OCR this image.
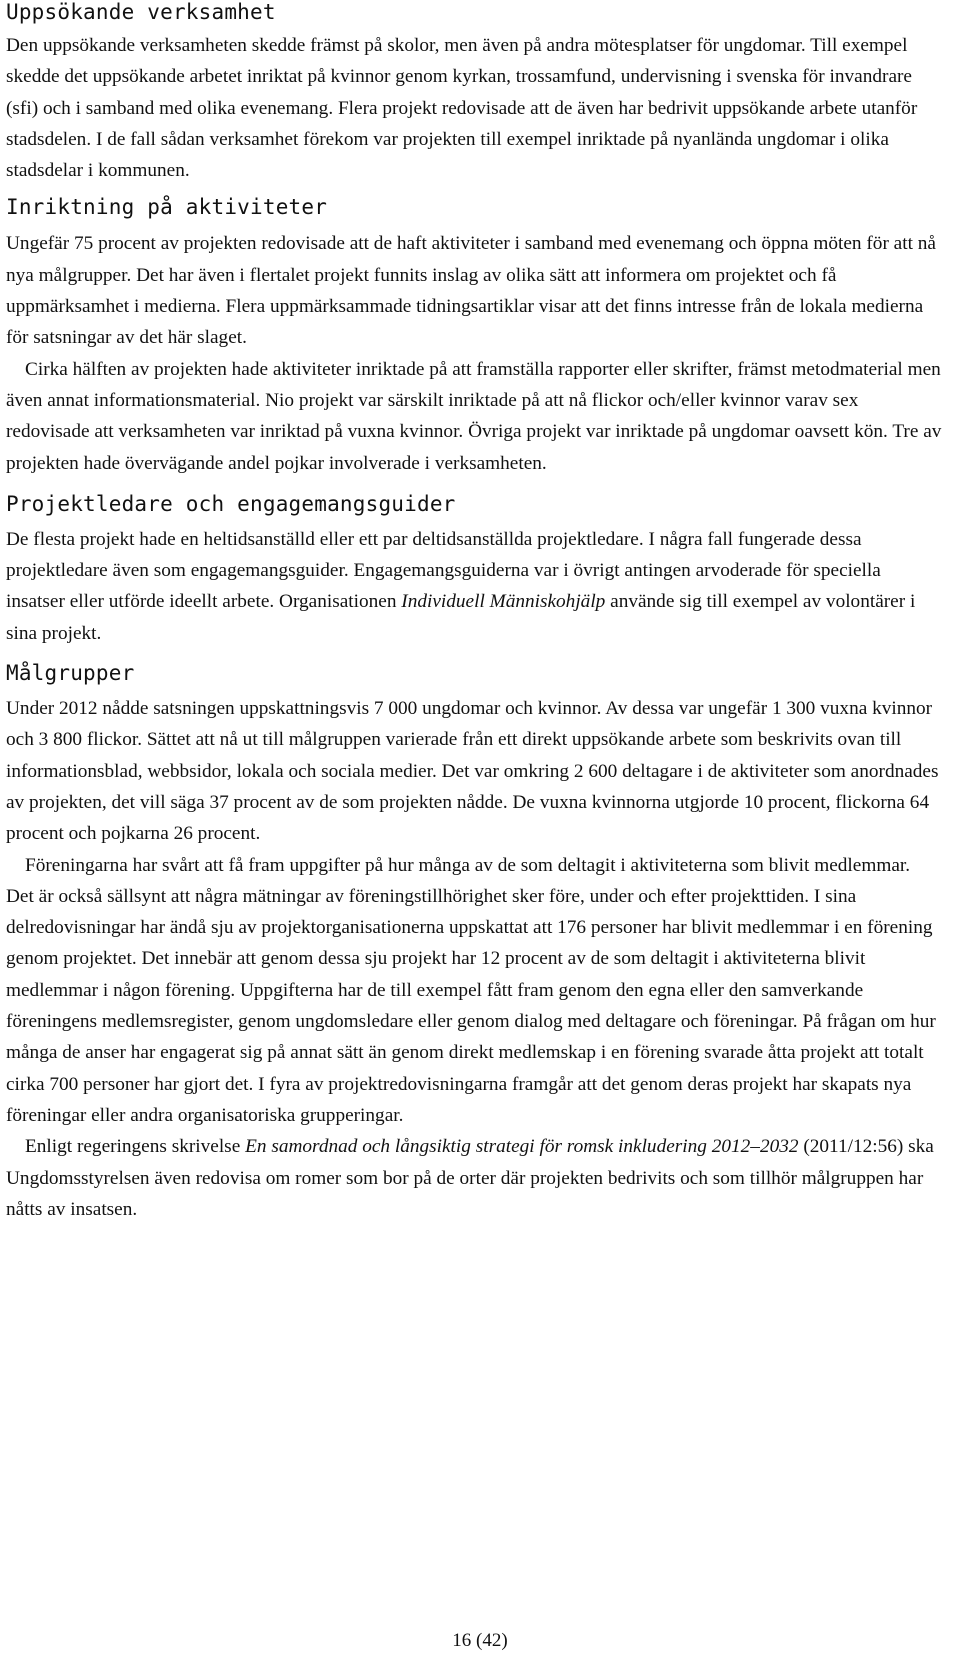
Uppsökande verksamhet

Den uppsökande verksamheten skedde främst på skolor, men även på andra mötesplatser för ungdomar. Till exempel skedde det uppsökande arbetet inriktat på kvinnor genom kyrkan, trossamfund, undervisning i svenska för invandrare (sfi) och i samband med olika evenemang. Flera projekt redovisade att de även har bedrivit uppsökande arbete utanför stadsdelen. I de fall sådan verksamhet förekom var projekten till exempel inriktade på nyanlända ungdomar i olika stadsdelar i kommunen.

Inriktning på aktiviteter

Ungefär 75 procent av projekten redovisade att de haft aktiviteter i samband med evenemang och öppna möten för att nå nya målgrupper. Det har även i flertalet projekt funnits inslag av olika sätt att informera om projektet och få uppmärksamhet i medierna. Flera uppmärksammade tidningsartiklar visar att det finns intresse från de lokala medierna för satsningar av det här slaget.

Cirka hälften av projekten hade aktiviteter inriktade på att framställa rapporter eller skrifter, främst metodmaterial men även annat informationsmaterial. Nio projekt var särskilt inriktade på att nå flickor och/eller kvinnor varav sex redovisade att verksamheten var inriktad på vuxna kvinnor. Övriga projekt var inriktade på ungdomar oavsett kön. Tre av projekten hade övervägande andel pojkar involverade i verksamheten.

Projektledare och engagemangsguider

De flesta projekt hade en heltidsanställd eller ett par deltidsanställda projektledare. I några fall fungerade dessa projektledare även som engagemangsguider. Engagemangsguiderna var i övrigt antingen arvoderade för speciella insatser eller utförde ideellt arbete. Organisationen Individuell Människohjälp använde sig till exempel av volontärer i sina projekt.

Målgrupper

Under 2012 nådde satsningen uppskattningsvis 7 000 ungdomar och kvinnor. Av dessa var ungefär 1 300 vuxna kvinnor och 3 800 flickor. Sättet att nå ut till målgruppen varierade från ett direkt uppsökande arbete som beskrivits ovan till informationsblad, webbsidor, lokala och sociala medier. Det var omkring 2 600 deltagare i de aktiviteter som anordnades av projekten, det vill säga 37 procent av de som projekten nådde. De vuxna kvinnorna utgjorde 10 procent, flickorna 64 procent och pojkarna 26 procent.

Föreningarna har svårt att få fram uppgifter på hur många av de som deltagit i aktiviteterna som blivit medlemmar. Det är också sällsynt att några mätningar av föreningstillhörighet sker före, under och efter projekttiden. I sina delredovisningar har ändå sju av projektorganisationerna uppskattat att 176 personer har blivit medlemmar i en förening genom projektet. Det innebär att genom dessa sju projekt har 12 procent av de som deltagit i aktiviteterna blivit medlemmar i någon förening. Uppgifterna har de till exempel fått fram genom den egna eller den samverkande föreningens medlemsregister, genom ungdomsledare eller genom dialog med deltagare och föreningar. På frågan om hur många de anser har engagerat sig på annat sätt än genom direkt medlemskap i en förening svarade åtta projekt att totalt cirka 700 personer har gjort det. I fyra av projektredovisningarna framgår att det genom deras projekt har skapats nya föreningar eller andra organisatoriska grupperingar.

Enligt regeringens skrivelse En samordnad och långsiktig strategi för romsk inkludering 2012–2032 (2011/12:56) ska Ungdomsstyrelsen även redovisa om romer som bor på de orter där projekten bedrivits och som tillhör målgruppen har nåtts av insatsen.

16 (42)
